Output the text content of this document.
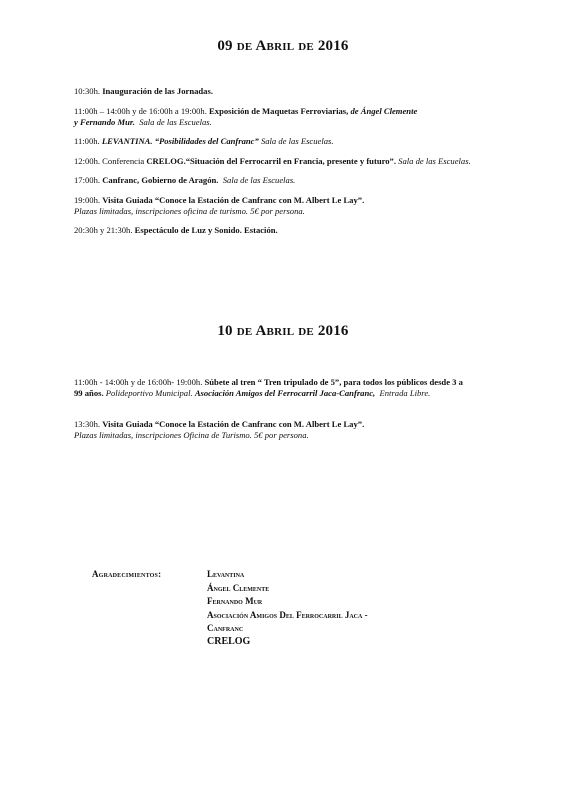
09 de Abril de 2016
10:30h. Inauguración de las Jornadas.
11:00h – 14:00h y de 16:00h a 19:00h. Exposición de Maquetas Ferroviarias, de Ángel Clemente
y Fernando Mur. Sala de las Escuelas.
11:00h. LEVANTINA. “Posibilidades del Canfranc” Sala de las Escuelas.
12:00h. Conferencia CRELOG.“Situación del Ferrocarril en Francia, presente y futuro”. Sala de las Escuelas.
17:00h. Canfranc, Gobierno de Aragón. Sala de las Escuelas.
19:00h. Visita Guiada “Conoce la Estación de Canfranc con M. Albert Le Lay”.
Plazas limitadas, inscripciones oficina de turismo. 5€ por persona.
20:30h y 21:30h. Espectáculo de Luz y Sonido. Estación.
10 de Abril de 2016
11:00h - 14:00h y de 16:00h- 19:00h. Súbete al tren “ Tren tripulado de 5”, para todos los públicos desde 3 a 99 años. Polideportivo Municipal. Asociación Amigos del Ferrocarril Jaca-Canfranc, Entrada Libre.
13:30h. Visita Guiada “Conoce la Estación de Canfranc con M. Albert Le Lay”.
Plazas limitadas, inscripciones Oficina de Turismo. 5€ por persona.
Agradecimientos:	Levantina
Ángel Clemente
Fernando Mur
Asociación Amigos Del Ferrocarril Jaca -
Canfranc
CRELOG
